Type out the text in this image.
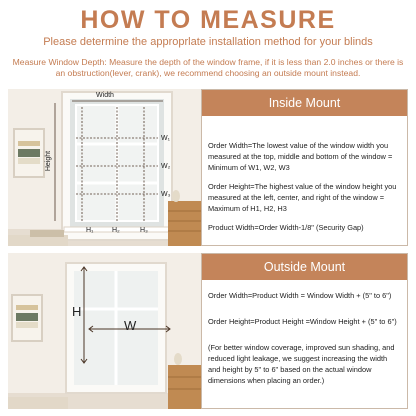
HOW TO MEASURE
Please determine the approprlate installation method for your blinds
Measure Window Depth: Measure the depth of the window frame, if it is less than 2.0 inches or there is an obstruction(lever, crank), we recommend choosing an outside mount instead.
Width
Height
W₁
W₂
W₃
H₁	H₂	H₃
Inside Mount

Order Width=The lowest value of the window width you measured at the top, middle and bottom of the window = Minimum of W1, W2, W3

Order Height=The highest value of the window height you measured at the left, center, and right of the window = Maximum of H1, H2, H3

Product Width=Order Width-1/8" (Security Gap)

H
W
Outside Mount

Order Width=Product Width = Window Width + (5" to 6")

Order Height=Product Height =Window Height + (5" to 6")

(For better window coverage, improved sun shading, and reduced light leakage, we suggest increasing the width and height by 5" to 6" based on the actual window dimensions when placing an order.)
